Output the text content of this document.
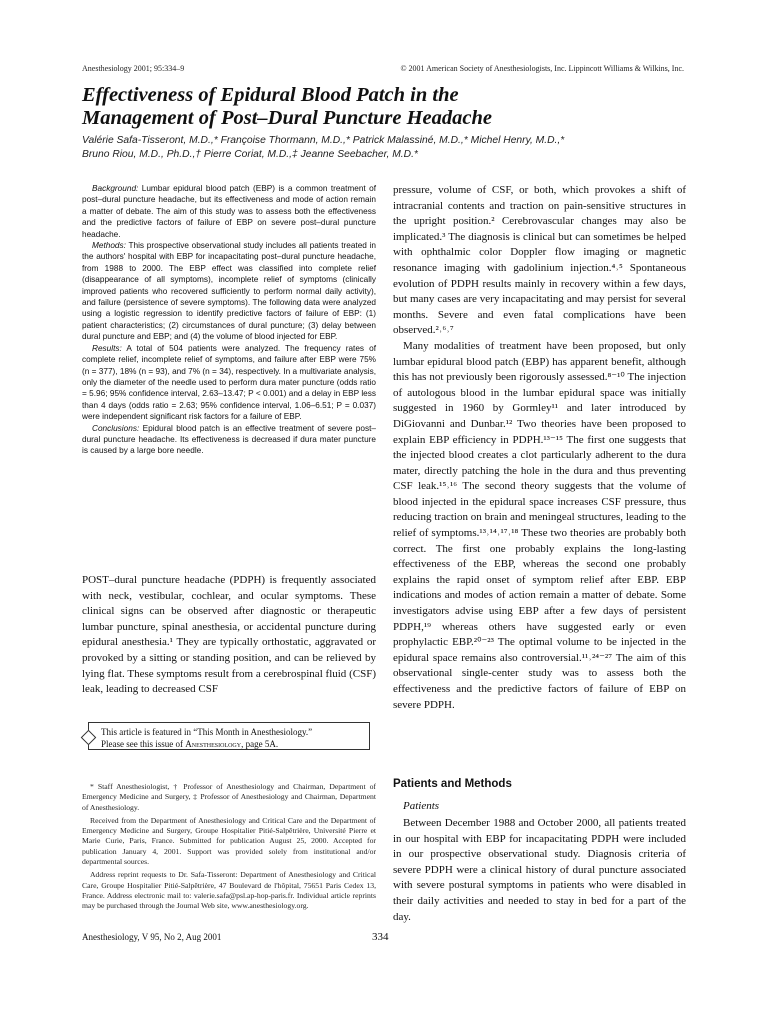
Anesthesiology 2001; 95:334–9	© 2001 American Society of Anesthesiologists, Inc. Lippincott Williams & Wilkins, Inc.
Effectiveness of Epidural Blood Patch in the
Management of Post–Dural Puncture Headache
Valérie Safa-Tisseront, M.D.,* Françoise Thormann, M.D.,* Patrick Malassiné, M.D.,* Michel Henry, M.D.,*
Bruno Riou, M.D., Ph.D.,† Pierre Coriat, M.D.,‡ Jeanne Seebacher, M.D.*

Background: Lumbar epidural blood patch (EBP) is a common treatment of post–dural puncture headache, but its effectiveness and mode of action remain a matter of debate. The aim of this study was to assess both the effectiveness and the predictive factors of failure of EBP on severe post–dural puncture headache.

Methods: This prospective observational study includes all patients treated in the authors' hospital with EBP for incapacitating post–dural puncture headache, from 1988 to 2000. The EBP effect was classified into complete relief (disappearance of all symptoms), incomplete relief of symptoms (clinically improved patients who recovered sufficiently to perform normal daily activity), and failure (persistence of severe symptoms). The following data were analyzed using a logistic regression to identify predictive factors of failure of EBP: (1) patient characteristics; (2) circumstances of dural puncture; (3) delay between dural puncture and EBP; and (4) the volume of blood injected for EBP.

Results: A total of 504 patients were analyzed. The frequency rates of complete relief, incomplete relief of symptoms, and failure after EBP were 75% (n = 377), 18% (n = 93), and 7% (n = 34), respectively. In a multivariate analysis, only the diameter of the needle used to perform dura mater puncture (odds ratio = 5.96; 95% confidence interval, 2.63–13.47; P < 0.001) and a delay in EBP less than 4 days (odds ratio = 2.63; 95% confidence interval, 1.06–6.51; P = 0.037) were independent significant risk factors for a failure of EBP.

Conclusions: Epidural blood patch is an effective treatment of severe post–dural puncture headache. Its effectiveness is decreased if dura mater puncture is caused by a large bore needle.

POST–dural puncture headache (PDPH) is frequently associated with neck, vestibular, cochlear, and ocular symptoms. These clinical signs can be observed after diagnostic or therapeutic lumbar puncture, spinal anesthesia, or accidental puncture during epidural anesthesia.¹ They are typically orthostatic, aggravated or provoked by a sitting or standing position, and can be relieved by lying flat. These symptoms result from a cerebrospinal fluid (CSF) leak, leading to decreased CSF

This article is featured in “This Month in Anesthesiology.”
Please see this issue of Anesthesiology, page 5A.

* Staff Anesthesiologist, † Professor of Anesthesiology and Chairman, Department of Emergency Medicine and Surgery, ‡ Professor of Anesthesiology and Chairman, Department of Anesthesiology.

Received from the Department of Anesthesiology and Critical Care and the Department of Emergency Medicine and Surgery, Groupe Hospitalier Pitié-Salpêtrière, Université Pierre et Marie Curie, Paris, France. Submitted for publication August 25, 2000. Accepted for publication January 4, 2001. Support was provided solely from institutional and/or departmental sources.

Address reprint requests to Dr. Safa-Tisseront: Department of Anesthesiology and Critical Care, Groupe Hospitalier Pitié-Salpêtrière, 47 Boulevard de l'hôpital, 75651 Paris Cedex 13, France. Address electronic mail to: valerie.safa@psl.ap-hop-paris.fr. Individual article reprints may be purchased through the Journal Web site, www.anesthesiology.org.

pressure, volume of CSF, or both, which provokes a shift of intracranial contents and traction on pain-sensitive structures in the upright position.² Cerebrovascular changes may also be implicated.³ The diagnosis is clinical but can sometimes be helped with ophthalmic color Doppler flow imaging or magnetic resonance imaging with gadolinium injection.⁴˒⁵ Spontaneous evolution of PDPH results mainly in recovery within a few days, but many cases are very incapacitating and may persist for several months. Severe and even fatal complications have been observed.²˒⁶˒⁷

Many modalities of treatment have been proposed, but only lumbar epidural blood patch (EBP) has apparent benefit, although this has not previously been rigorously assessed.⁸⁻¹⁰ The injection of autologous blood in the lumbar epidural space was initially suggested in 1960 by Gormley¹¹ and later introduced by DiGiovanni and Dunbar.¹² Two theories have been proposed to explain EBP efficiency in PDPH.¹³⁻¹⁵ The first one suggests that the injected blood creates a clot particularly adherent to the dura mater, directly patching the hole in the dura and thus preventing CSF leak.¹⁵˒¹⁶ The second theory suggests that the volume of blood injected in the epidural space increases CSF pressure, thus reducing traction on brain and meningeal structures, leading to the relief of symptoms.¹³˒¹⁴˒¹⁷˒¹⁸ These two theories are probably both correct. The first one probably explains the long-lasting effectiveness of the EBP, whereas the second one probably explains the rapid onset of symptom relief after EBP. EBP indications and modes of action remain a matter of debate. Some investigators advise using EBP after a few days of persistent PDPH,¹⁹ whereas others have suggested early or even prophylactic EBP.²⁰⁻²³ The optimal volume to be injected in the epidural space remains also controversial.¹¹˒²⁴⁻²⁷ The aim of this observational single-center study was to assess both the effectiveness and the predictive factors of failure of EBP on severe PDPH.

Patients and Methods
Patients

Between December 1988 and October 2000, all patients treated in our hospital with EBP for incapacitating PDPH were included in our prospective observational study. Diagnosis criteria of severe PDPH were a clinical history of dural puncture associated with severe postural symptoms in patients who were disabled in their daily activities and needed to stay in bed for a part of the day.

Anesthesiology, V 95, No 2, Aug 2001	334
